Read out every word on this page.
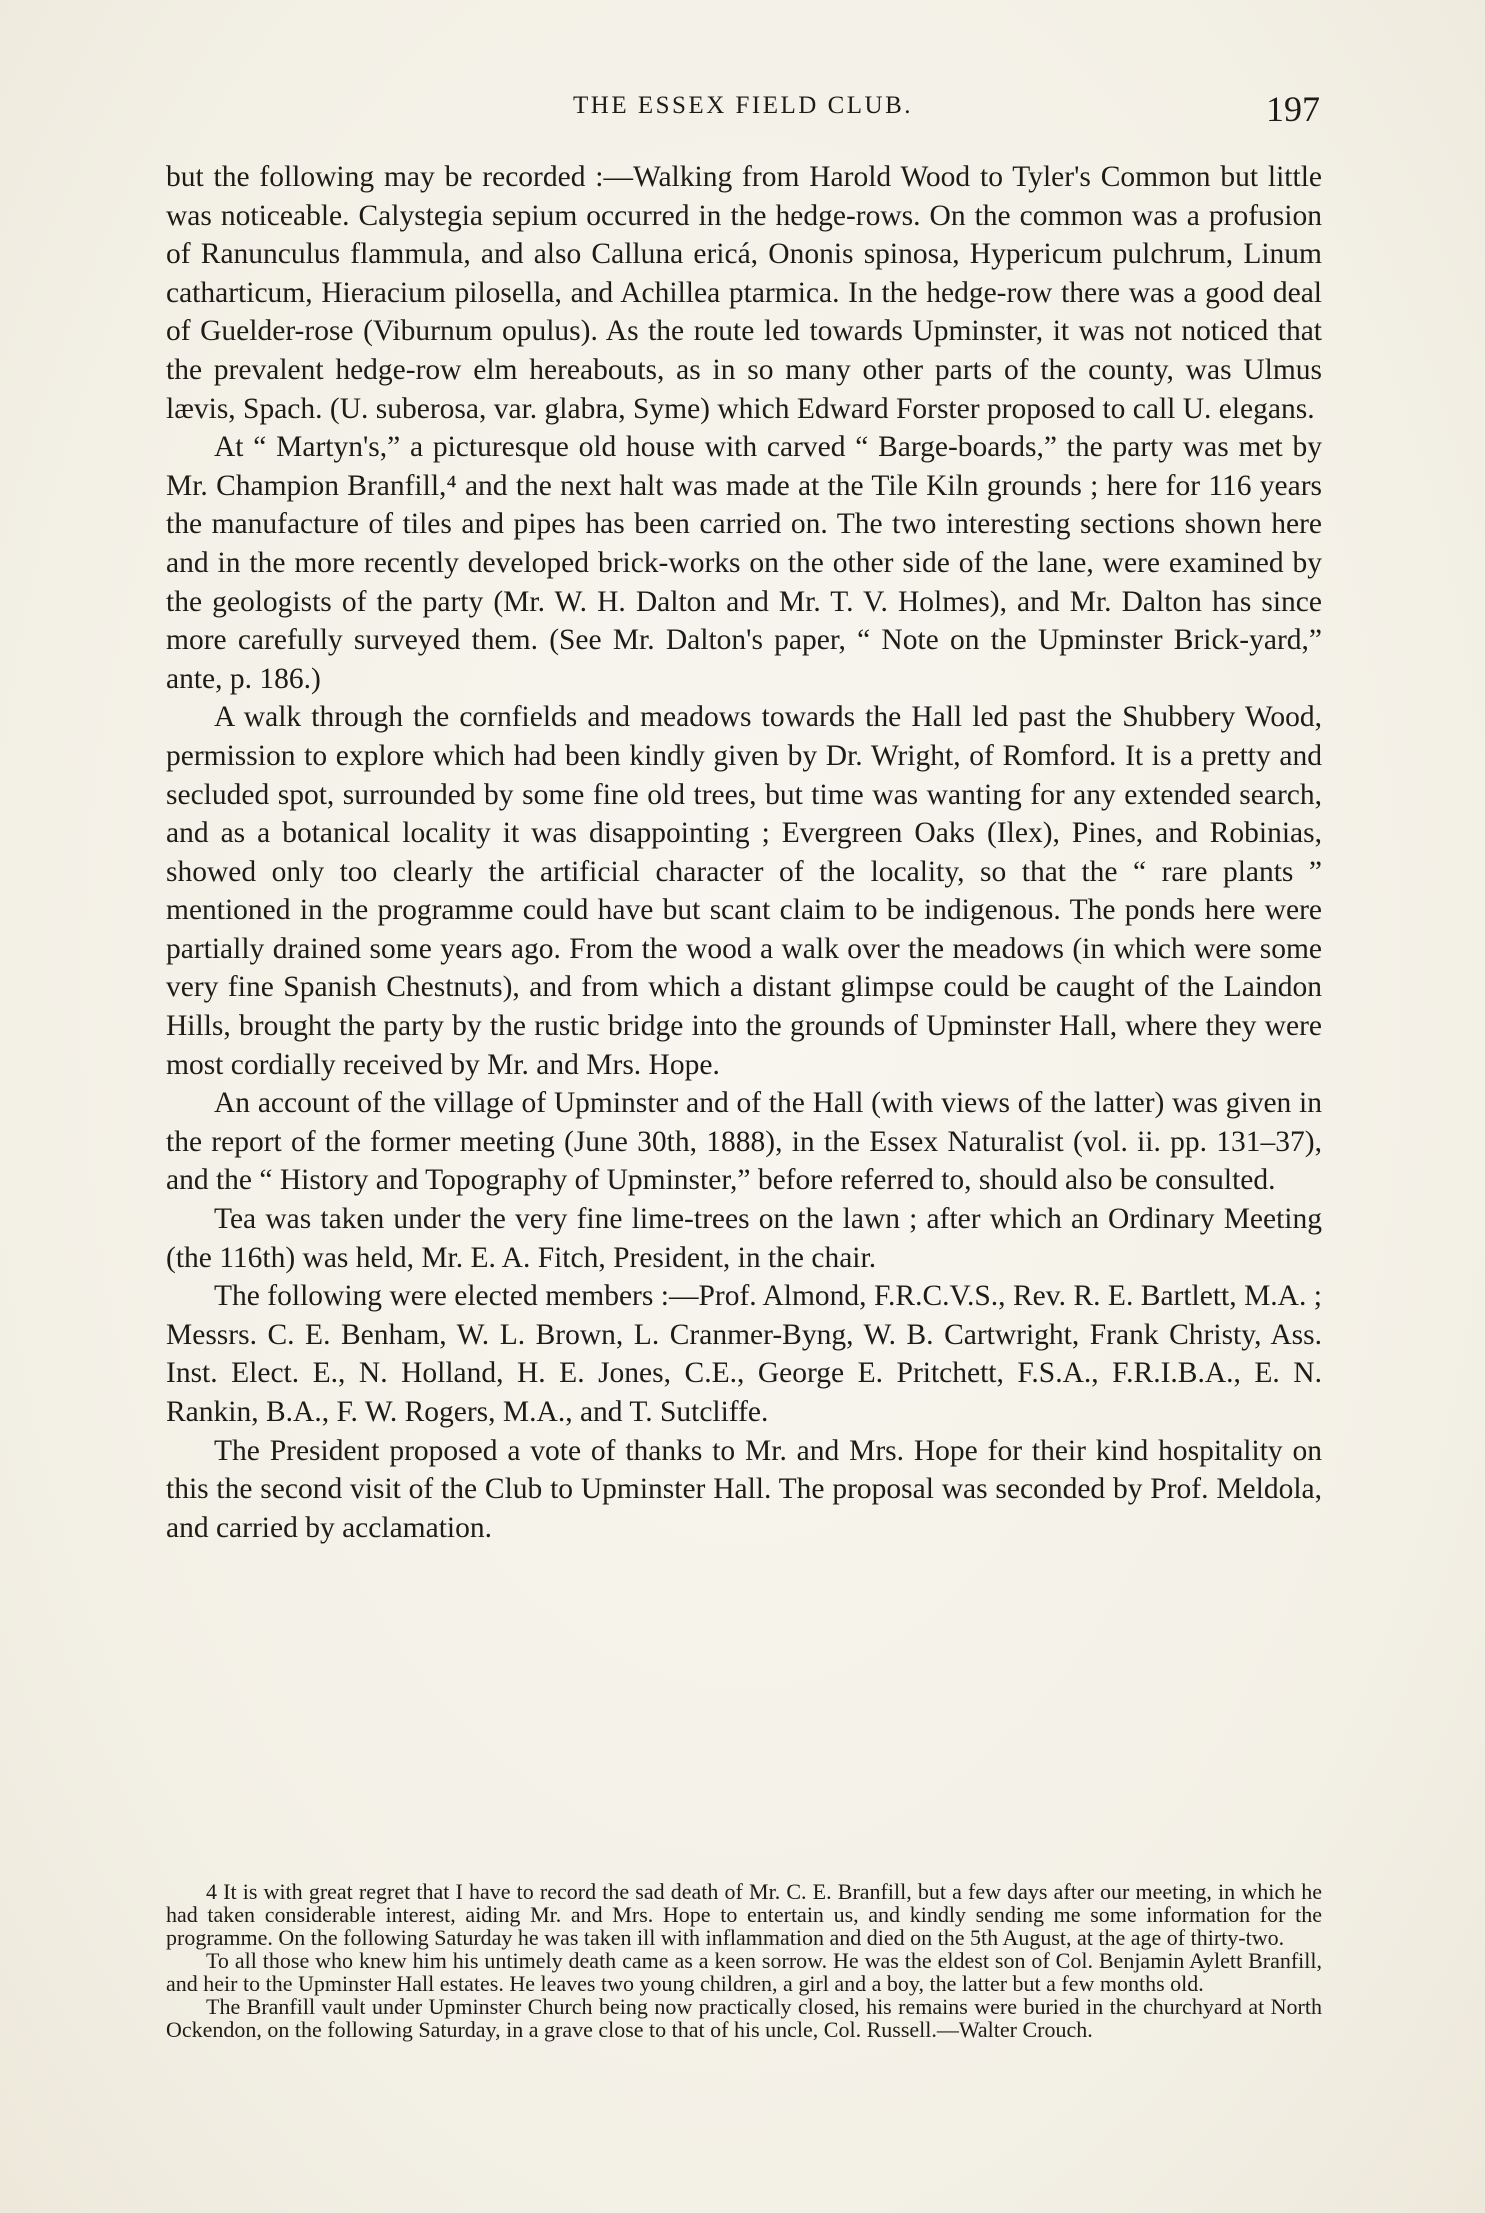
THE ESSEX FIELD CLUB.	197

but the following may be recorded :—Walking from Harold Wood to Tyler's Common but little was noticeable. Calystegia sepium occurred in the hedge-rows. On the common was a profusion of Ranunculus flammula, and also Calluna ericá, Ononis spinosa, Hypericum pulchrum, Linum catharticum, Hieracium pilosella, and Achillea ptarmica. In the hedge-row there was a good deal of Guelder-rose (Viburnum opulus). As the route led towards Upminster, it was not noticed that the prevalent hedge-row elm hereabouts, as in so many other parts of the county, was Ulmus lævis, Spach. (U. suberosa, var. glabra, Syme) which Edward Forster proposed to call U. elegans.

At “ Martyn's,” a picturesque old house with carved “ Barge-boards,” the party was met by Mr. Champion Branfill,⁴ and the next halt was made at the Tile Kiln grounds ; here for 116 years the manufacture of tiles and pipes has been carried on. The two interesting sections shown here and in the more recently developed brick-works on the other side of the lane, were examined by the geologists of the party (Mr. W. H. Dalton and Mr. T. V. Holmes), and Mr. Dalton has since more carefully surveyed them. (See Mr. Dalton's paper, “ Note on the Upminster Brick-yard,” ante, p. 186.)

A walk through the cornfields and meadows towards the Hall led past the Shubbery Wood, permission to explore which had been kindly given by Dr. Wright, of Romford. It is a pretty and secluded spot, surrounded by some fine old trees, but time was wanting for any extended search, and as a botanical locality it was disappointing ; Evergreen Oaks (Ilex), Pines, and Robinias, showed only too clearly the artificial character of the locality, so that the “ rare plants ” mentioned in the programme could have but scant claim to be indigenous. The ponds here were partially drained some years ago. From the wood a walk over the meadows (in which were some very fine Spanish Chestnuts), and from which a distant glimpse could be caught of the Laindon Hills, brought the party by the rustic bridge into the grounds of Upminster Hall, where they were most cordially received by Mr. and Mrs. Hope.

An account of the village of Upminster and of the Hall (with views of the latter) was given in the report of the former meeting (June 30th, 1888), in the Essex Naturalist (vol. ii. pp. 131–37), and the “ History and Topography of Upminster,” before referred to, should also be consulted.

Tea was taken under the very fine lime-trees on the lawn ; after which an Ordinary Meeting (the 116th) was held, Mr. E. A. Fitch, President, in the chair.

The following were elected members :—Prof. Almond, F.R.C.V.S., Rev. R. E. Bartlett, M.A. ; Messrs. C. E. Benham, W. L. Brown, L. Cranmer-Byng, W. B. Cartwright, Frank Christy, Ass. Inst. Elect. E., N. Holland, H. E. Jones, C.E., George E. Pritchett, F.S.A., F.R.I.B.A., E. N. Rankin, B.A., F. W. Rogers, M.A., and T. Sutcliffe.

The President proposed a vote of thanks to Mr. and Mrs. Hope for their kind hospitality on this the second visit of the Club to Upminster Hall. The proposal was seconded by Prof. Meldola, and carried by acclamation.

4 It is with great regret that I have to record the sad death of Mr. C. E. Branfill, but a few days after our meeting, in which he had taken considerable interest, aiding Mr. and Mrs. Hope to entertain us, and kindly sending me some information for the programme. On the following Saturday he was taken ill with inflammation and died on the 5th August, at the age of thirty-two.

To all those who knew him his untimely death came as a keen sorrow. He was the eldest son of Col. Benjamin Aylett Branfill, and heir to the Upminster Hall estates. He leaves two young children, a girl and a boy, the latter but a few months old.

The Branfill vault under Upminster Church being now practically closed, his remains were buried in the churchyard at North Ockendon, on the following Saturday, in a grave close to that of his uncle, Col. Russell.—Walter Crouch.
